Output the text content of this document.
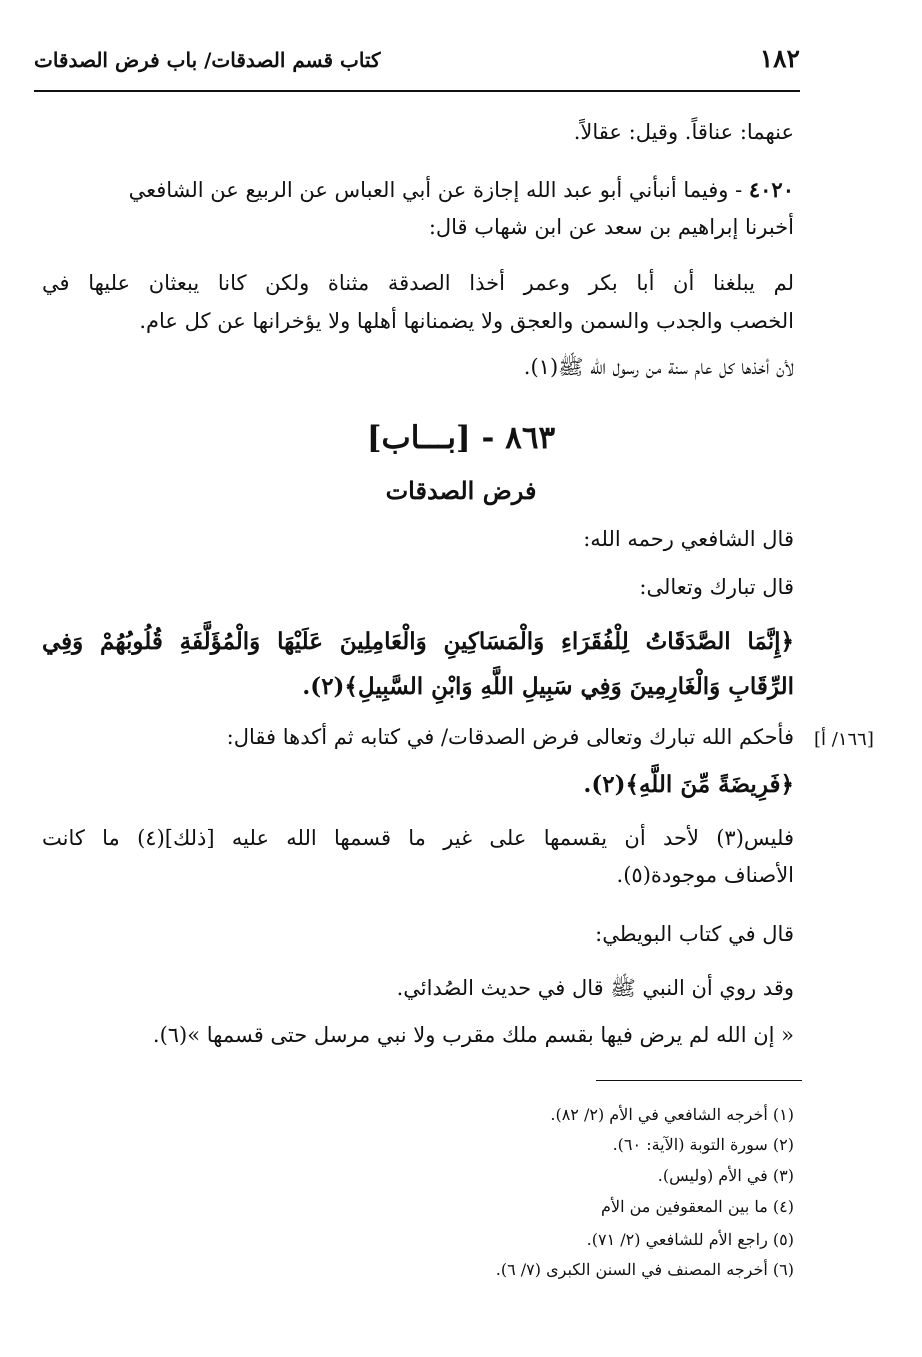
١٨٢
كتاب قسم الصدقات/ باب فرض الصدقات
عنهما: عناقاً. وقيل: عقالاً.
٤٠٢٠ - وفيما أنبأني أبو عبد الله إجازة عن أبي العباس عن الربيع عن الشافعي
أخبرنا إبراهيم بن سعد عن ابن شهاب قال:
لم يبلغنا أن أبا بكر وعمر أخذا الصدقة مثناة ولكن كانا يبعثان عليها في
الخصب والجدب والسمن والعجق ولا يضمنانها أهلها ولا يؤخرانها عن كل عام.
لأن أخذها كل عام سنة من رسول الله ﷺ(١).
٨٦٣ - [بـــاب]
فرض الصدقات
قال الشافعي رحمه الله:
قال تبارك وتعالى:
﴿إِنَّمَا الصَّدَقَاتُ لِلْفُقَرَاءِ وَالْمَسَاكِينِ وَالْعَامِلِينَ عَلَيْهَا وَالْمُؤَلَّفَةِ قُلُوبُهُمْ وَفِي
الرِّقَابِ وَالْغَارِمِينَ وَفِي سَبِيلِ اللَّهِ وَابْنِ السَّبِيلِ﴾(٢).
[١٦٦/ أ]
فأحكم الله تبارك وتعالى فرض الصدقات/ في كتابه ثم أكدها فقال:
﴿فَرِيضَةً مِّنَ اللَّهِ﴾(٢).
فليس(٣) لأحد أن يقسمها على غير ما قسمها الله عليه [ذلك](٤) ما كانت
الأصناف موجودة(٥).
قال في كتاب البويطي:
وقد روي أن النبي ﷺ قال في حديث الصُدائي.
« إن الله لم يرض فيها بقسم ملك مقرب ولا نبي مرسل حتى قسمها »(٦).
(١) أخرجه الشافعي في الأم (٢/ ٨٢).
(٢) سورة التوبة (الآية: ٦٠).
(٣) في الأم (وليس).
(٤) ما بين المعقوفين من الأم
(٥) راجع الأم للشافعي (٢/ ٧١).
(٦) أخرجه المصنف في السنن الكبرى (٧/ ٦).
